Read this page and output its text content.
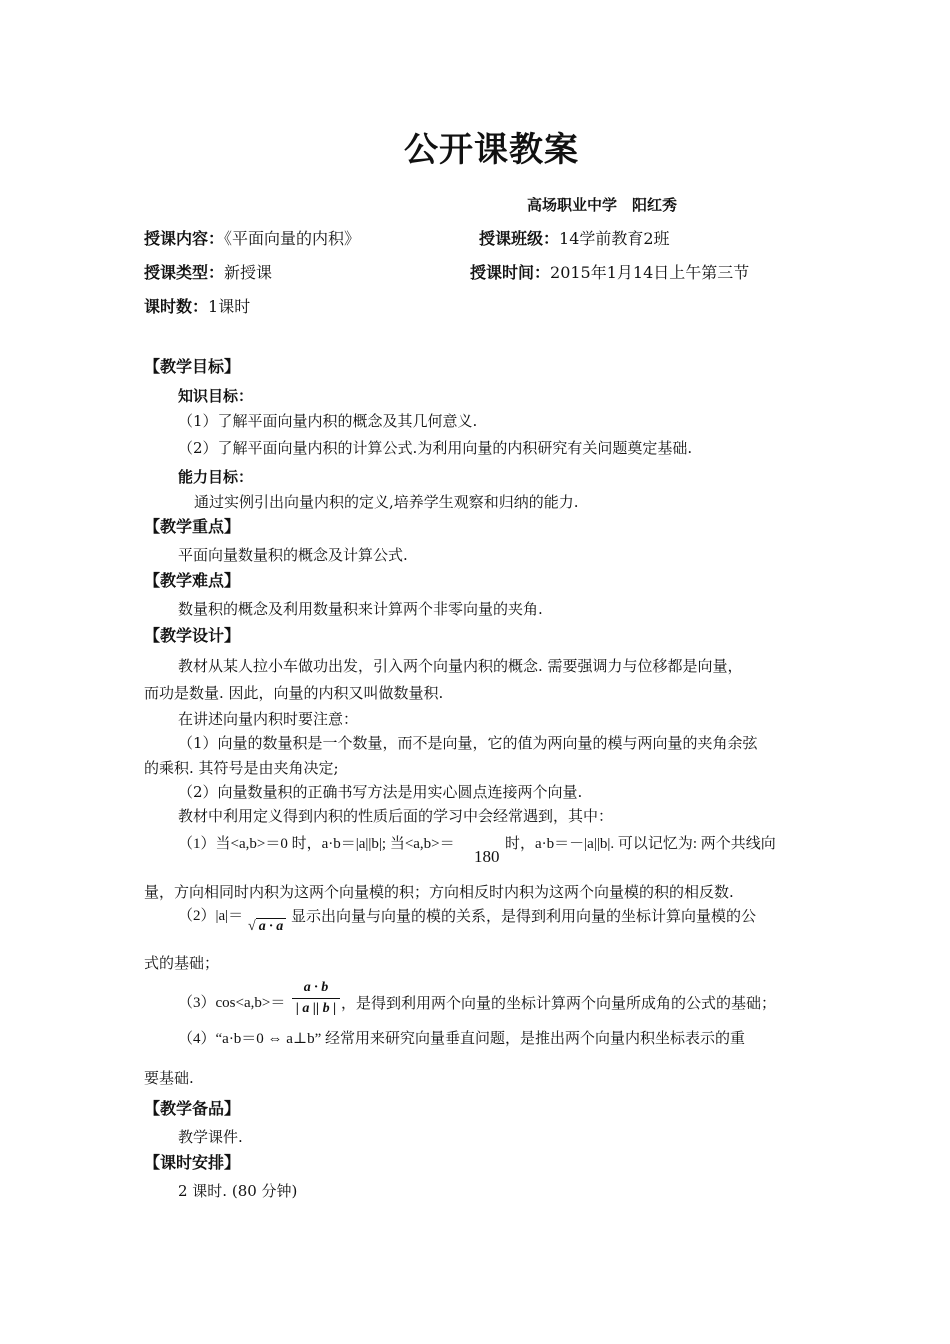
公开课教案
高场职业中学　阳红秀
授课内容：《平面向量的内积》	授课班级：14学前教育2班
授课类型：新授课	授课时间：2015年1月14日上午第三节
课时数：1课时
【教学目标】
知识目标：
（1）了解平面向量内积的概念及其几何意义.
（2）了解平面向量内积的计算公式.为利用向量的内积研究有关问题奠定基础.
能力目标：
通过实例引出向量内积的定义,培养学生观察和归纳的能力.
【教学重点】
平面向量数量积的概念及计算公式.
【教学难点】
数量积的概念及利用数量积来计算两个非零向量的夹角.
【教学设计】
教材从某人拉小车做功出发，引入两个向量内积的概念. 需要强调力与位移都是向量，
而功是数量. 因此，向量的内积又叫做数量积.
在讲述向量内积时要注意：
（1）向量的数量积是一个数量，而不是向量，它的值为两向量的模与两向量的夹角余弦
的乘积. 其符号是由夹角决定;
（2）向量数量积的正确书写方法是用实心圆点连接两个向量.
教材中利用定义得到内积的性质后面的学习中会经常遇到，其中：
（1）当<a,b>＝0 时，a·b＝|a||b|; 当<a,b>＝
180
时，a·b＝－|a||b|. 可以记忆为: 两个共线向
量，方向相同时内积为这两个向量模的积；方向相反时内积为这两个向量模的积的相反数.
（2）|a|＝
√ a · a
显示出向量与向量的模的关系，是得到利用向量的坐标计算向量模的公
式的基础；
（3）cos<a,b>＝
a · b
| a || b | ，是得到利用两个向量的坐标计算两个向量所成角的公式的基础；
（4）“a·b＝0 ⇔ a⊥b” 经常用来研究向量垂直问题，是推出两个向量内积坐标表示的重
要基础.
【教学备品】
教学课件.
【课时安排】
2 课时. (80 分钟)
